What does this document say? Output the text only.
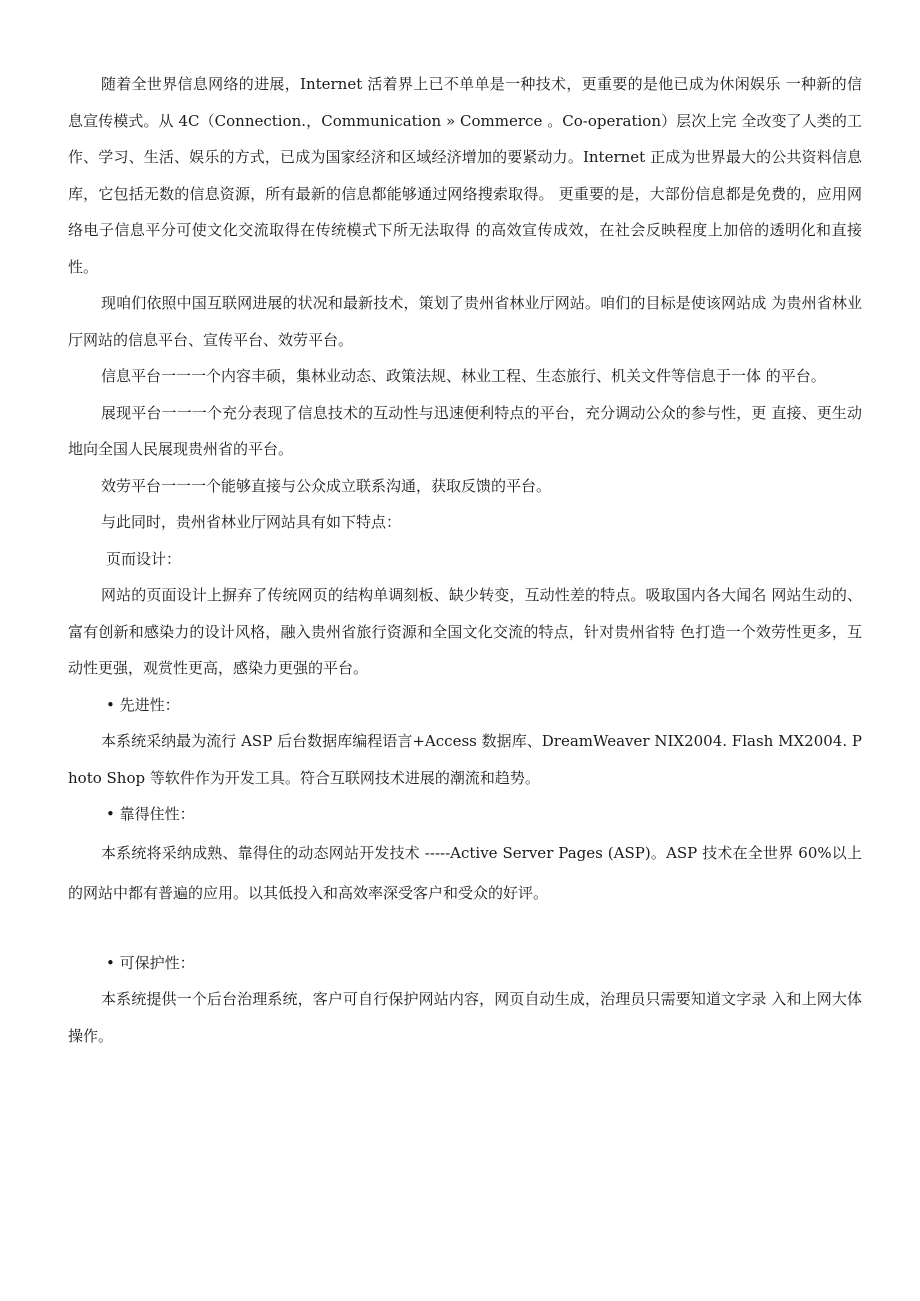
随着全世界信息网络的进展，Internet 活着界上已不单单是一种技术，更重要的是他已成为休闲娱乐 一种新的信息宣传模式。从 4C（Connection.，Communication » Commerce 。Co-operation）层次上完 全改变了人类的工作、学习、生活、娱乐的方式，已成为国家经济和区域经济增加的要紧动力。Internet 正成为世界最大的公共资料信息库，它包括无数的信息资源，所有最新的信息都能够通过网络搜索取得。 更重要的是，大部份信息都是免费的，应用网络电子信息平分可使文化交流取得在传统模式下所无法取得 的高效宣传成效，在社会反映程度上加倍的透明化和直接性。

现咱们依照中国互联网进展的状况和最新技术，策划了贵州省林业厅网站。咱们的目标是使该网站成 为贵州省林业厅网站的信息平台、宣传平台、效劳平台。

信息平台一一一个内容丰硕，集林业动态、政策法规、林业工程、生态旅行、机关文件等信息于一体 的平台。

展现平台一一一个充分表现了信息技术的互动性与迅速便利特点的平台，充分调动公众的参与性，更 直接、更生动地向全国人民展现贵州省的平台。

效劳平台一一一个能够直接与公众成立联系沟通，获取反馈的平台。

与此同时，贵州省林业厅网站具有如下特点：

页而设计：

网站的页面设计上摒弃了传统网页的结构单调刻板、缺少转变，互动性差的特点。吸取国内各大闻名 网站生动的、富有创新和感染力的设计风格，融入贵州省旅行资源和全国文化交流的特点，针对贵州省特 色打造一个效劳性更多，互动性更强，观赏性更高，感染力更强的平台。

• 先进性：

本系统采纳最为流行 ASP 后台数据库编程语言+Access 数据库、DreamWeaver NIX2004. Flash MX2004. Photo Shop 等软件作为开发工具。符合互联网技术进展的潮流和趋势。

• 靠得住性：

本系统将采纳成熟、靠得住的动态网站开发技术 -----Active Server Pages (ASP)。ASP 技术在全世界 60%以上的网站中都有普遍的应用。以其低投入和高效率深受客户和受众的好评。

• 可保护性：

本系统提供一个后台治理系统，客户可自行保护网站内容，网页自动生成，治理员只需要知道文字录 入和上网大体操作。
